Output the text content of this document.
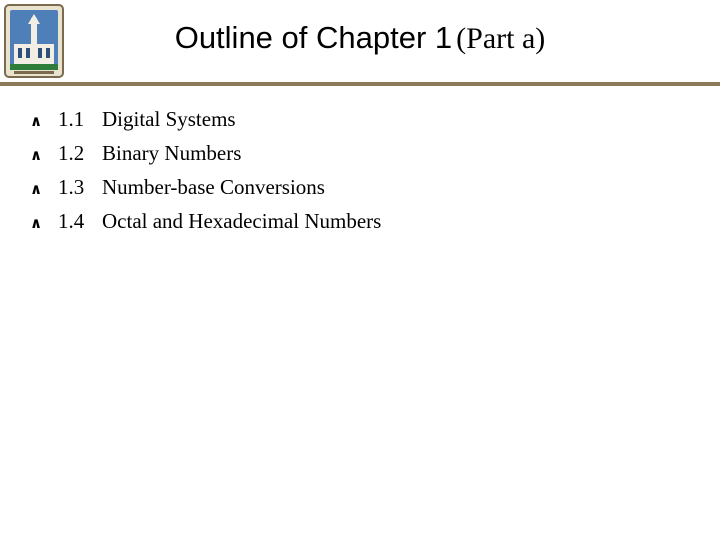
Outline of Chapter 1 (Part a)
∧ 1.1 Digital Systems
∧ 1.2 Binary Numbers
∧ 1.3 Number-base Conversions
∧ 1.4 Octal and Hexadecimal Numbers
